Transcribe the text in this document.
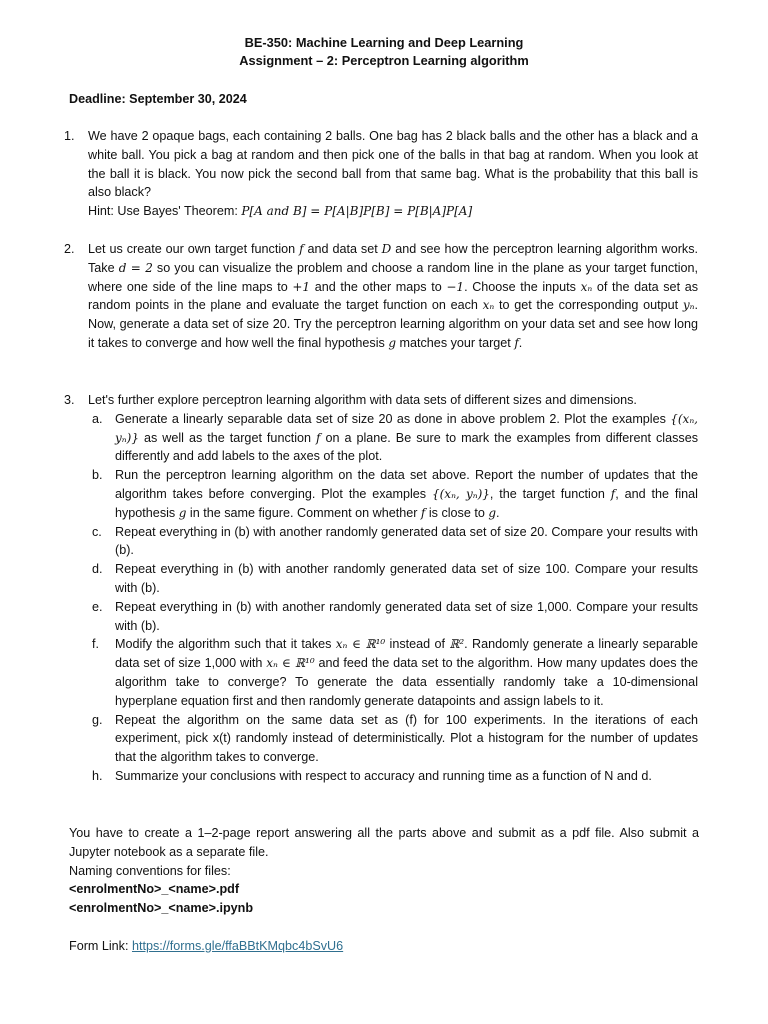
BE-350: Machine Learning and Deep Learning
Assignment – 2: Perceptron Learning algorithm
Deadline: September 30, 2024
1. We have 2 opaque bags, each containing 2 balls. One bag has 2 black balls and the other has a black and a white ball. You pick a bag at random and then pick one of the balls in that bag at random. When you look at the ball it is black. You now pick the second ball from that same bag. What is the probability that this ball is also black?
Hint: Use Bayes' Theorem: P[A and B] = P[A|B]P[B] = P[B|A]P[A]
2. Let us create our own target function f and data set D and see how the perceptron learning algorithm works. Take d = 2 so you can visualize the problem and choose a random line in the plane as your target function, where one side of the line maps to +1 and the other maps to −1. Choose the inputs xₙ of the data set as random points in the plane and evaluate the target function on each xₙ to get the corresponding output yₙ. Now, generate a data set of size 20. Try the perceptron learning algorithm on your data set and see how long it takes to converge and how well the final hypothesis g matches your target f.
3. Let's further explore perceptron learning algorithm with data sets of different sizes and dimensions.
a. Generate a linearly separable data set of size 20 as done in above problem 2. Plot the examples {(xₙ, yₙ)} as well as the target function f on a plane. Be sure to mark the examples from different classes differently and add labels to the axes of the plot.
b. Run the perceptron learning algorithm on the data set above. Report the number of updates that the algorithm takes before converging. Plot the examples {(xₙ, yₙ)}, the target function f, and the final hypothesis g in the same figure. Comment on whether f is close to g.
c. Repeat everything in (b) with another randomly generated data set of size 20. Compare your results with (b).
d. Repeat everything in (b) with another randomly generated data set of size 100. Compare your results with (b).
e. Repeat everything in (b) with another randomly generated data set of size 1,000. Compare your results with (b).
f. Modify the algorithm such that it takes xₙ ∈ ℝ¹⁰ instead of ℝ². Randomly generate a linearly separable data set of size 1,000 with xₙ ∈ ℝ¹⁰ and feed the data set to the algorithm. How many updates does the algorithm take to converge? To generate the data essentially randomly take a 10-dimensional hyperplane equation first and then randomly generate datapoints and assign labels to it.
g. Repeat the algorithm on the same data set as (f) for 100 experiments. In the iterations of each experiment, pick x(t) randomly instead of deterministically. Plot a histogram for the number of updates that the algorithm takes to converge.
h. Summarize your conclusions with respect to accuracy and running time as a function of N and d.
You have to create a 1–2-page report answering all the parts above and submit as a pdf file. Also submit a Jupyter notebook as a separate file.
Naming conventions for files:
<enrolmentNo>_<name>.pdf
<enrolmentNo>_<name>.ipynb
Form Link: https://forms.gle/ffaBBtKMqbc4bSvU6
